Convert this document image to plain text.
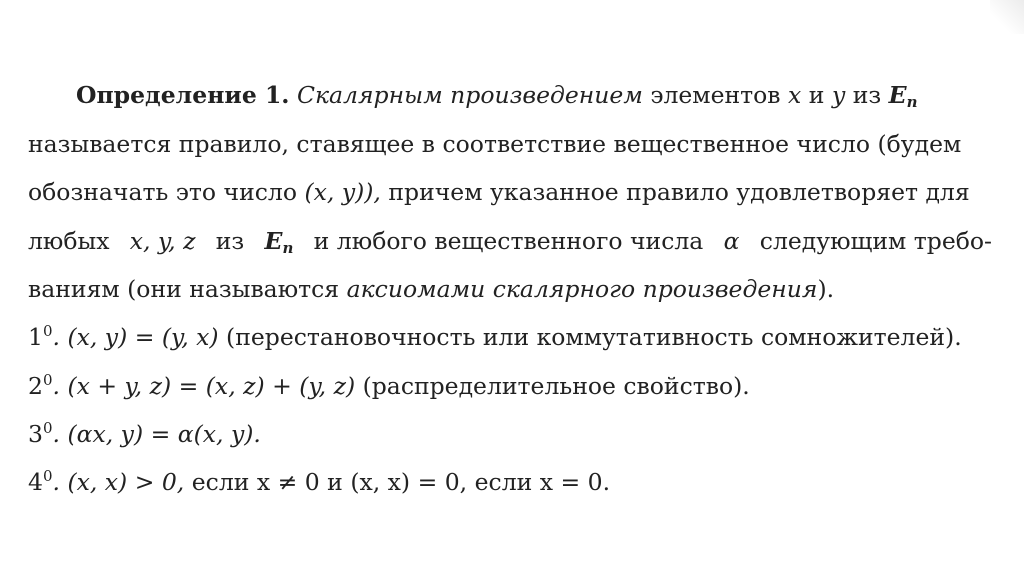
Определение 1. Скалярным произведением элементов x и y из $E_n$
называется правило, ставящее в соответствие вещественное число (будем
обозначать это число (x, y)), причем указанное правило удовлетворяет для
любых x, y, z из $E_n$ и любого вещественного числа α следующим требо-
ваниям (они называются аксиомами скалярного произведения).
$1^0$. (x, y) = (y, x) (перестановочность или коммутативность сомножителей).
$2^0$. (x + y, z) = (x, z) + (y, z) (распределительное свойство).
$3^0$. (αx, y) = α(x, y).
$4^0$. (x, x) > 0, если x ≠ 0 и (x, x) = 0, если x = 0.
